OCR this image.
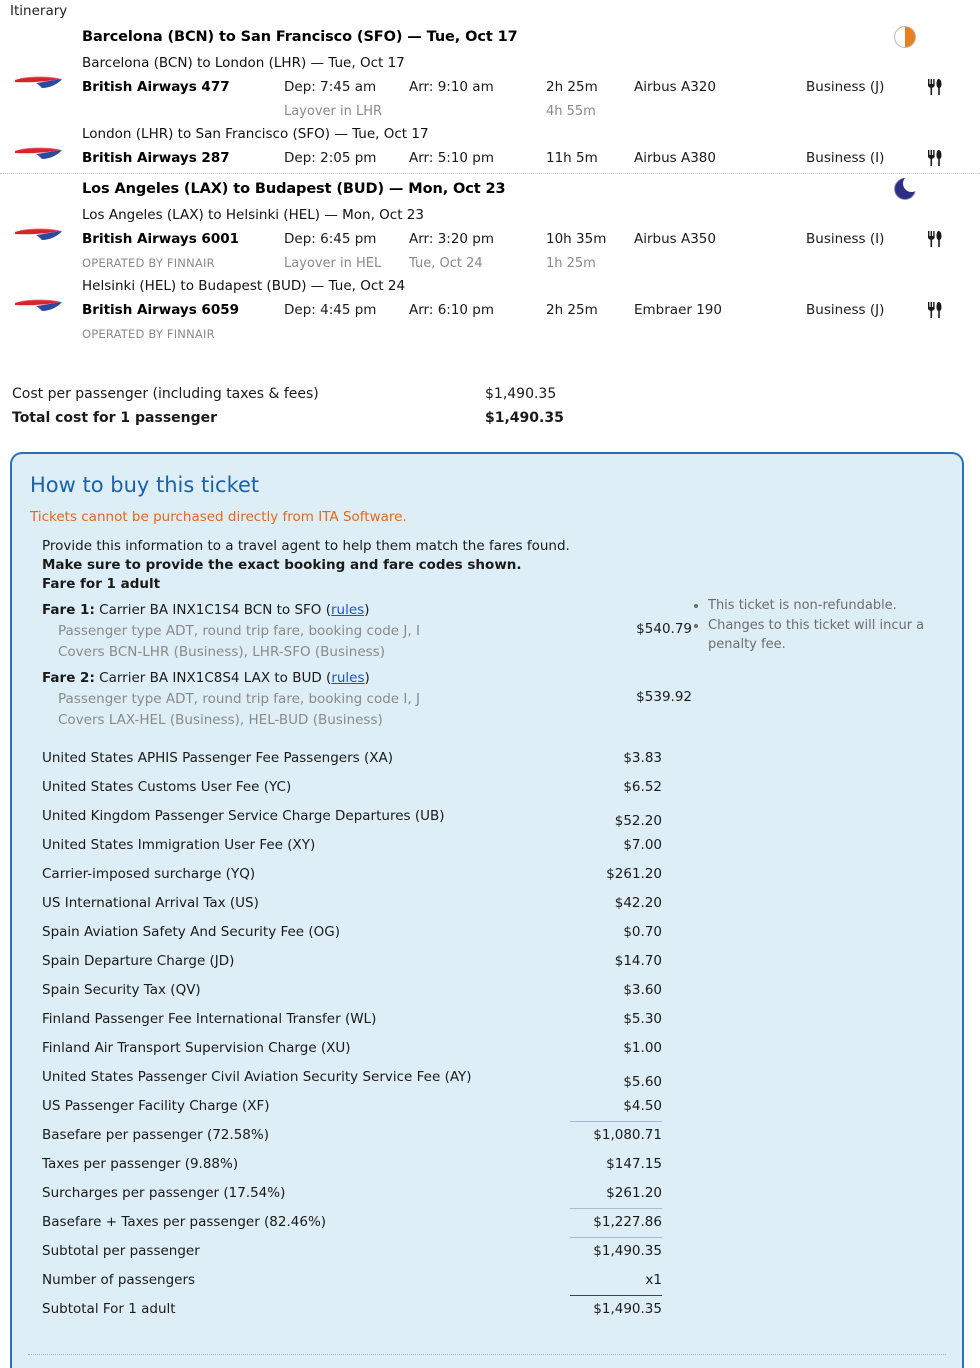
Itinerary
Barcelona (BCN) to San Francisco (SFO) — Tue, Oct 17
Barcelona (BCN) to London (LHR) — Tue, Oct 17
British Airways 477	Dep: 7:45 am Arr: 9:10 am	2h 25m	Airbus A320	Business (J)
Layover in LHR	4h 55m
London (LHR) to San Francisco (SFO) — Tue, Oct 17
British Airways 287	Dep: 2:05 pm Arr: 5:10 pm	11h 5m	Airbus A380	Business (I)
Los Angeles (LAX) to Budapest (BUD) — Mon, Oct 23
Los Angeles (LAX) to Helsinki (HEL) — Mon, Oct 23
British Airways 6001	Dep: 6:45 pm Arr: 3:20 pm	10h 35m Airbus A350	Business (I)
OPERATED BY FINNAIR	Layover in HEL Tue, Oct 24	1h 25m
Helsinki (HEL) to Budapest (BUD) — Tue, Oct 24
British Airways 6059	Dep: 4:45 pm Arr: 6:10 pm	2h 25m	Embraer 190	Business (J)
OPERATED BY FINNAIR
Cost per passenger (including taxes & fees)	$1,490.35
Total cost for 1 passenger	$1,490.35
How to buy this ticket
Tickets cannot be purchased directly from ITA Software.
Provide this information to a travel agent to help them match the fares found.
Make sure to provide the exact booking and fare codes shown.
Fare for 1 adult
• This ticket is non-refundable.
• Changes to this ticket will incur a penalty fee.
Fare 1: Carrier BA INX1C1S4 BCN to SFO (rules)
Passenger type ADT, round trip fare, booking code J, I
Covers BCN-LHR (Business), LHR-SFO (Business)
$540.79
Fare 2: Carrier BA INX1C8S4 LAX to BUD (rules)
Passenger type ADT, round trip fare, booking code I, J
Covers LAX-HEL (Business), HEL-BUD (Business)
$539.92
United States APHIS Passenger Fee Passengers (XA)	$3.83
United States Customs User Fee (YC)	$6.52
United Kingdom Passenger Service Charge Departures (UB)	$52.20
United States Immigration User Fee (XY)	$7.00
Carrier-imposed surcharge (YQ)	$261.20
US International Arrival Tax (US)	$42.20
Spain Aviation Safety And Security Fee (OG)	$0.70
Spain Departure Charge (JD)	$14.70
Spain Security Tax (QV)	$3.60
Finland Passenger Fee International Transfer (WL)	$5.30
Finland Air Transport Supervision Charge (XU)	$1.00
United States Passenger Civil Aviation Security Service Fee (AY)	$5.60
US Passenger Facility Charge (XF)	$4.50
Basefare per passenger (72.58%)	$1,080.71
Taxes per passenger (9.88%)	$147.15
Surcharges per passenger (17.54%)	$261.20
Basefare + Taxes per passenger (82.46%)	$1,227.86
Subtotal per passenger	$1,490.35
Number of passengers	x1
Subtotal For 1 adult	$1,490.35
